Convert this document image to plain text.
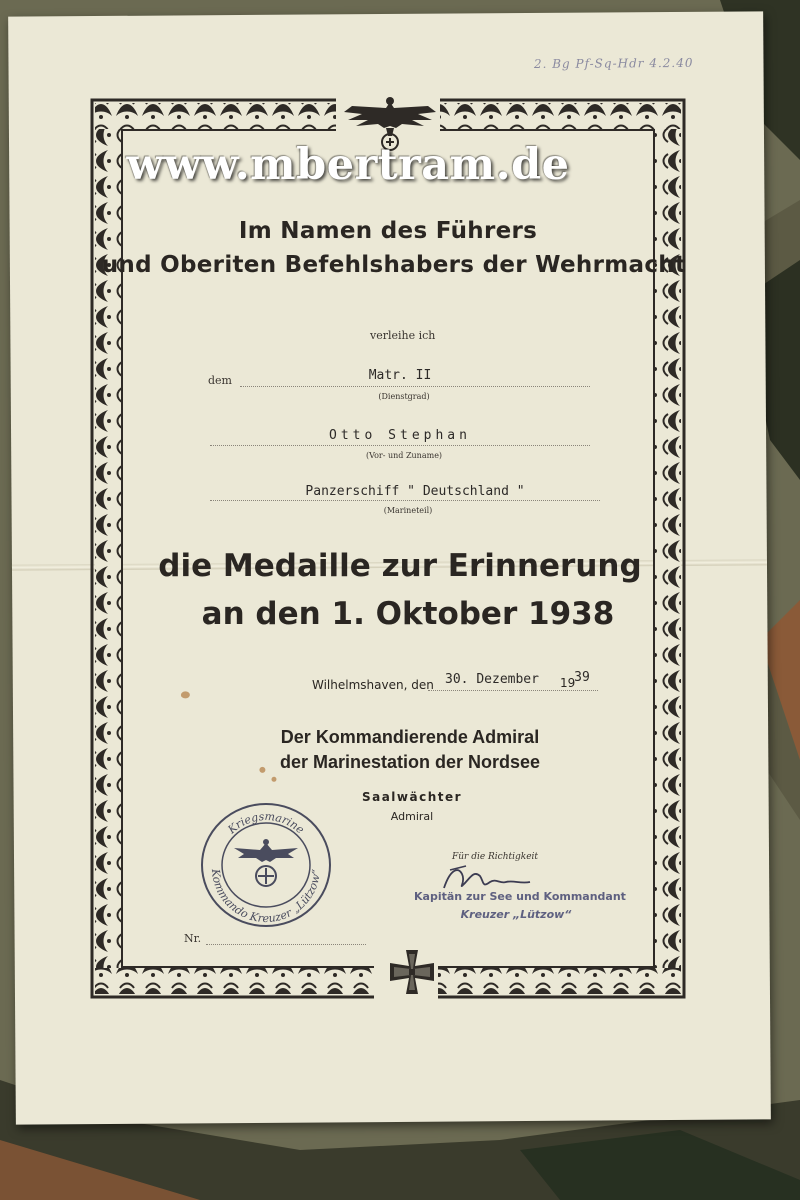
2. Bg Pf-Sq-Hdr 4.2.40
Im Namen des Führers
und Oberiten Befehlshabers der Wehrmacht
verleihe ich
dem	Matr. II
(Dienstgrad)
Otto Stephan
(Vor- und Zuname)
Panzerschiff " Deutschland "
(Marineteil)
die Medaille zur Erinnerung
an den 1. Oktober 1938
Wilhelmshaven, den 30. Dezember	19
39
Der Kommandierende Admiral
der Marinestation der Nordsee
Saalwächter
Admiral
Kriegsmarine
Kommando Kreuzer „Lützow“
Für die Richtigkeit
Kapitän zur See und Kommandant
Kreuzer „Lützow“
Nr.
www.mbertram.de
